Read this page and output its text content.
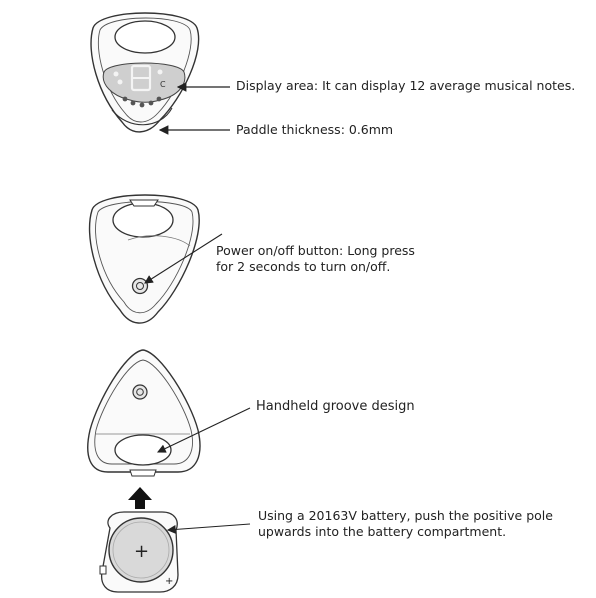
C
+
+
Display area: It can display 12 average musical notes.
Paddle thickness: 0.6mm
Power on/off button: Long press
for 2 seconds to turn on/off.
Handheld groove design
Using a 20163V battery, push the positive pole
upwards into the battery compartment.
